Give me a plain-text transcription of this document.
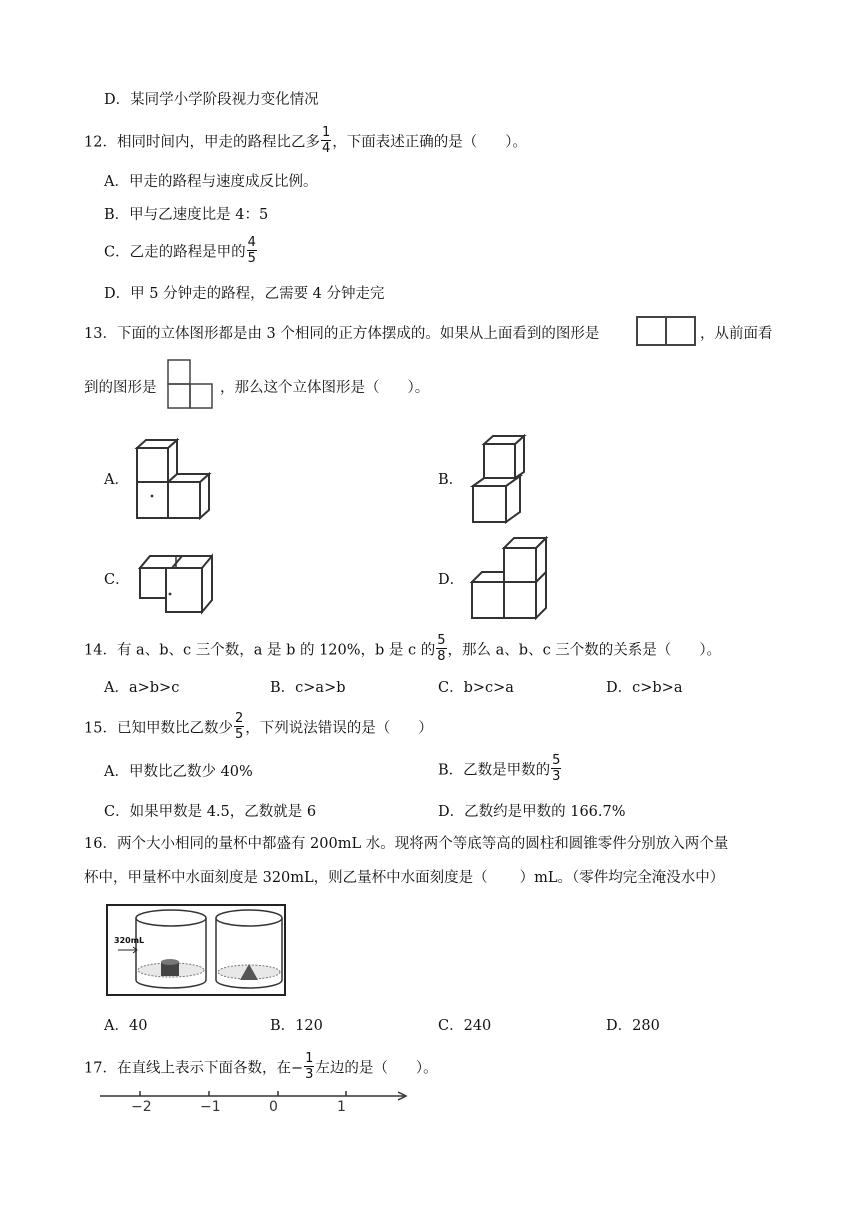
D．某同学小学阶段视力变化情况
12．相同时间内，甲走的路程比乙多 $\frac{1}{4}$ ，下面表述正确的是（ ）。
A．甲走的路程与速度成反比例。
B．甲与乙速度比是 4：5
C．乙走的路程是甲的 $\frac{4}{5}$
D．甲 5 分钟走的路程，乙需要 4 分钟走完
13．下面的立体图形都是由 3 个相同的正方体摆成的。如果从上面看到的图形是	，从前面看
到的图形是	，那么这个立体图形是（ ）。
A．	B．
C．	D．
14．有 a、b、c 三个数，a 是 b 的 120%，b 是 c 的 $\frac{5}{8}$ ，那么 a、b、c 三个数的关系是（ ）。
A．a>b>c	B．c>a>b	C．b>c>a	D．c>b>a
15．已知甲数比乙数少 $\frac{2}{5}$ ，下列说法错误的是（ ）
A．甲数比乙数少 40%	B．乙数是甲数的 $\frac{5}{3}$
C．如果甲数是 4.5，乙数就是 6	D．乙数约是甲数的 166.7%
16．两个大小相同的量杯中都盛有 200mL 水。现将两个等底等高的圆柱和圆锥零件分别放入两个量
杯中，甲量杯中水面刻度是 320mL，则乙量杯中水面刻度是（ ）mL。（零件均完全淹没水中）
320mL
A．40	B．120	C．240	D．280
17．在直线上表示下面各数，在− $\frac{1}{3}$ 左边的是（ ）。
−2	−1	0	1
